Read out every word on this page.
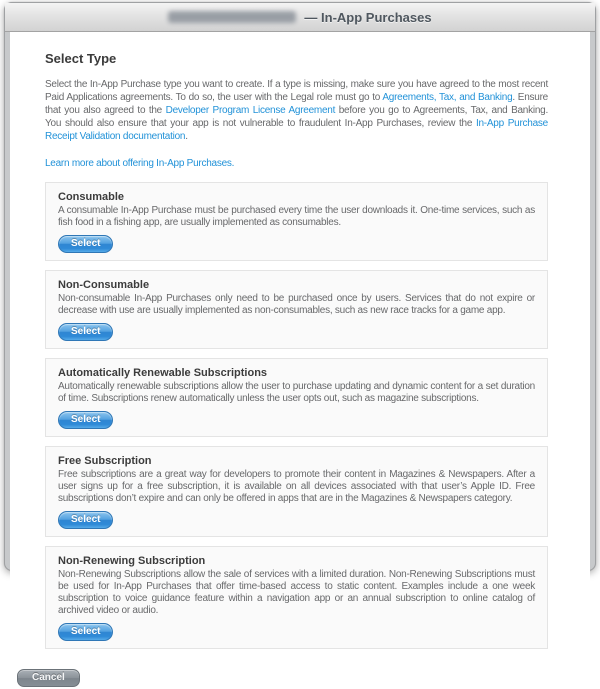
— In-App Purchases
Select Type

Select the In-App Purchase type you want to create. If a type is missing, make sure you have agreed to the most recent Paid Applications agreements. To do so, the user with the Legal role must go to Agreements, Tax, and Banking. Ensure that you also agreed to the Developer Program License Agreement before you go to Agreements, Tax, and Banking. You should also ensure that your app is not vulnerable to fraudulent In-App Purchases, review the In-App Purchase Receipt Validation documentation.

Learn more about offering In-App Purchases.
Consumable

A consumable In-App Purchase must be purchased every time the user downloads it. One-time services, such as fish food in a fishing app, are usually implemented as consumables.

Select
Non-Consumable

Non-consumable In-App Purchases only need to be purchased once by users. Services that do not expire or decrease with use are usually implemented as non-consumables, such as new race tracks for a game app.

Select
Automatically Renewable Subscriptions

Automatically renewable subscriptions allow the user to purchase updating and dynamic content for a set duration of time. Subscriptions renew automatically unless the user opts out, such as magazine subscriptions.

Select
Free Subscription

Free subscriptions are a great way for developers to promote their content in Magazines & Newspapers. After a user signs up for a free subscription, it is available on all devices associated with that user’s Apple ID. Free subscriptions don’t expire and can only be offered in apps that are in the Magazines & Newspapers category.

Select
Non-Renewing Subscription

Non-Renewing Subscriptions allow the sale of services with a limited duration. Non-Renewing Subscriptions must be used for In-App Purchases that offer time-based access to static content. Examples include a one week subscription to voice guidance feature within a navigation app or an annual subscription to online catalog of archived video or audio.

Select
Cancel
